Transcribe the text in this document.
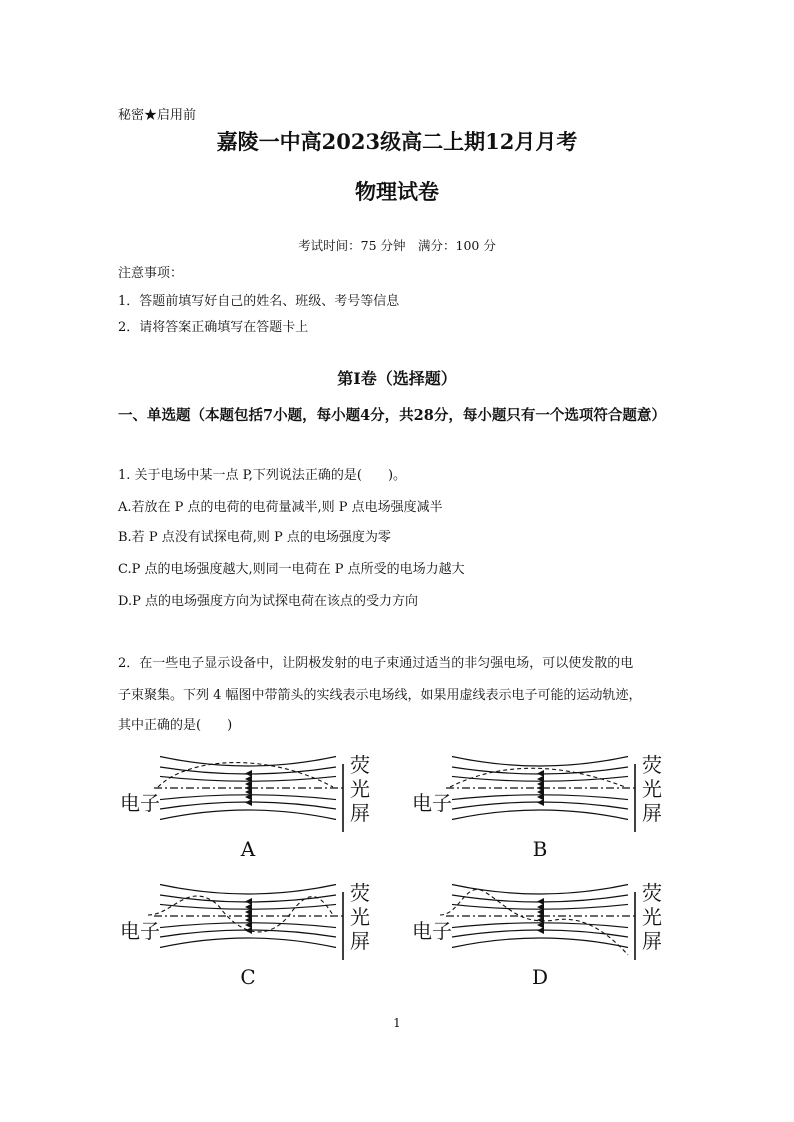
秘密★启用前
嘉陵一中高2023级高二上期12月月考
物理试卷
考试时间：75 分钟　满分：100 分
注意事项：
1．答题前填写好自己的姓名、班级、考号等信息
2．请将答案正确填写在答题卡上
第Ⅰ卷（选择题）
一、单选题（本题包括7小题，每小题4分，共28分，每小题只有一个选项符合题意）
1. 关于电场中某一点 P,下列说法正确的是(　　)。
A.若放在 P 点的电荷的电荷量减半,则 P 点电场强度减半
B.若 P 点没有试探电荷,则 P 点的电场强度为零
C.P 点的电场强度越大,则同一电荷在 P 点所受的电场力越大
D.P 点的电场强度方向为试探电荷在该点的受力方向
2．在一些电子显示设备中，让阴极发射的电子束通过适当的非匀强电场，可以使发散的电
子束聚集。下列 4 幅图中带箭头的实线表示电场线，如果用虚线表示电子可能的运动轨迹，
其中正确的是(　　)
电子
荧
光
屏
A
电子
荧
光
屏
B
电子
荧
光
屏
C
电子
荧
光
屏
D
1
